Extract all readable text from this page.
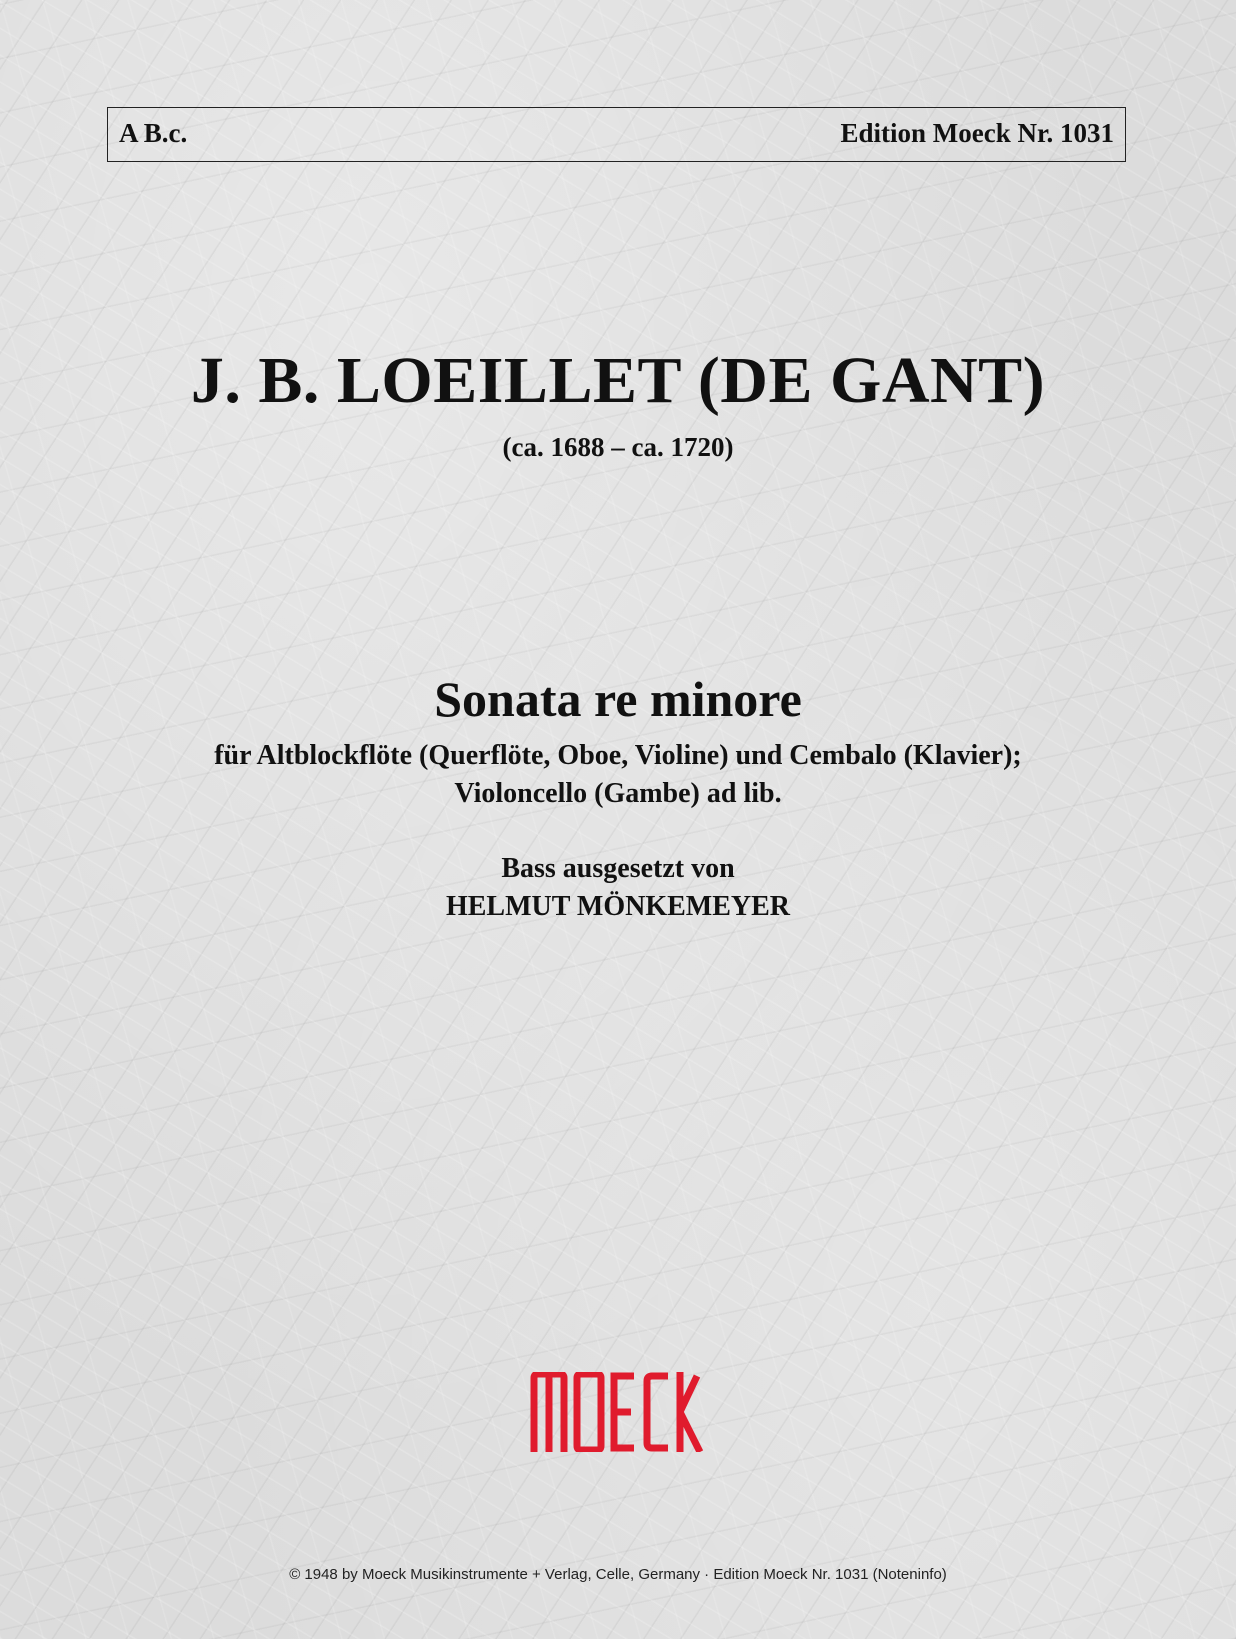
A B.c.	Edition Moeck Nr. 1031
J. B. LOEILLET (DE GANT)
(ca. 1688 – ca. 1720)
Sonata re minore
für Altblockflöte (Querflöte, Oboe, Violine) und Cembalo (Klavier);
Violoncello (Gambe) ad lib.
Bass ausgesetzt von
HELMUT MÖNKEMEYER
© 1948 by Moeck Musikinstrumente + Verlag, Celle, Germany · Edition Moeck Nr. 1031 (Noteninfo)
